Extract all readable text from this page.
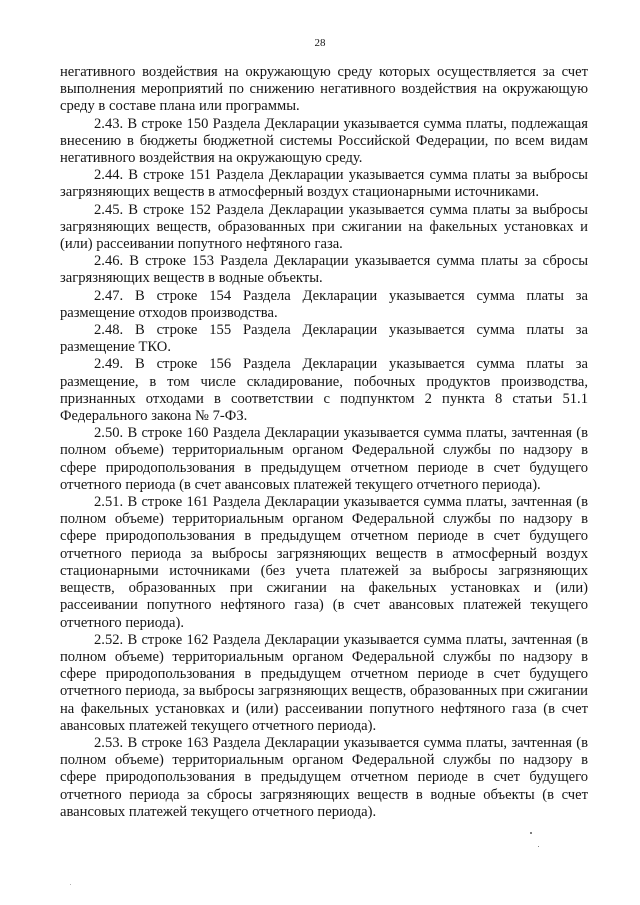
28

негативного воздействия на окружающую среду которых осуществляется за счет выполнения мероприятий по снижению негативного воздействия на окружающую среду в составе плана или программы.

2.43. В строке 150 Раздела Декларации указывается сумма платы, подлежащая внесению в бюджеты бюджетной системы Российской Федерации, по всем видам негативного воздействия на окружающую среду.

2.44. В строке 151 Раздела Декларации указывается сумма платы за выбросы загрязняющих веществ в атмосферный воздух стационарными источниками.

2.45. В строке 152 Раздела Декларации указывается сумма платы за выбросы загрязняющих веществ, образованных при сжигании на факельных установках и (или) рассеивании попутного нефтяного газа.

2.46. В строке 153 Раздела Декларации указывается сумма платы за сбросы загрязняющих веществ в водные объекты.

2.47. В строке 154 Раздела Декларации указывается сумма платы за размещение отходов производства.

2.48. В строке 155 Раздела Декларации указывается сумма платы за размещение ТКО.

2.49. В строке 156 Раздела Декларации указывается сумма платы за размещение, в том числе складирование, побочных продуктов производства, признанных отходами в соответствии с подпунктом 2 пункта 8 статьи 51.1 Федерального закона № 7-ФЗ.

2.50. В строке 160 Раздела Декларации указывается сумма платы, зачтенная (в полном объеме) территориальным органом Федеральной службы по надзору в сфере природопользования в предыдущем отчетном периоде в счет будущего отчетного периода (в счет авансовых платежей текущего отчетного периода).

2.51. В строке 161 Раздела Декларации указывается сумма платы, зачтенная (в полном объеме) территориальным органом Федеральной службы по надзору в сфере природопользования в предыдущем отчетном периоде в счет будущего отчетного периода за выбросы загрязняющих веществ в атмосферный воздух стационарными источниками (без учета платежей за выбросы загрязняющих веществ, образованных при сжигании на факельных установках и (или) рассеивании попутного нефтяного газа) (в счет авансовых платежей текущего отчетного периода).

2.52. В строке 162 Раздела Декларации указывается сумма платы, зачтенная (в полном объеме) территориальным органом Федеральной службы по надзору в сфере природопользования в предыдущем отчетном периоде в счет будущего отчетного периода, за выбросы загрязняющих веществ, образованных при сжигании на факельных установках и (или) рассеивании попутного нефтяного газа (в счет авансовых платежей текущего отчетного периода).

2.53. В строке 163 Раздела Декларации указывается сумма платы, зачтенная (в полном объеме) территориальным органом Федеральной службы по надзору в сфере природопользования в предыдущем отчетном периоде в счет будущего отчетного периода за сбросы загрязняющих веществ в водные объекты (в счет авансовых платежей текущего отчетного периода).
